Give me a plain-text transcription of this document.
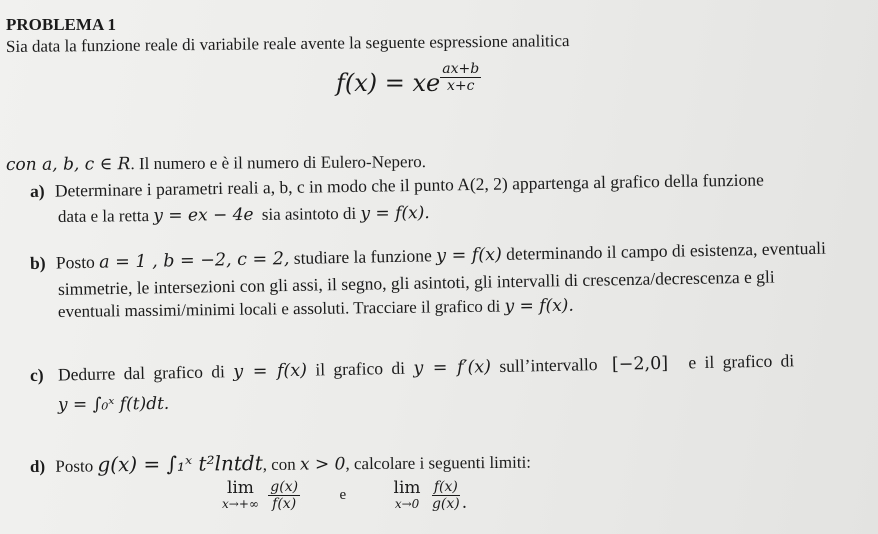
PROBLEMA 1
Sia data la funzione reale di variabile reale avente la seguente espressione analitica
f(x) = xe $\frac{ax+b}{x+c}$
con a, b, c ∈ R. Il numero e è il numero di Eulero-Nepero.
a) Determinare i parametri reali a, b, c in modo che il punto A(2, 2) appartenga al grafico della funzione
data e la retta y = ex − 4e sia asintoto di y = f(x).
b) Posto a = 1 , b = −2, c = 2, studiare la funzione y = f(x) determinando il campo di esistenza, eventuali
simmetrie, le intersezioni con gli assi, il segno, gli asintoti, gli intervalli di crescenza/decrescenza e gli
eventuali massimi/minimi locali e assoluti. Tracciare il grafico di y = f(x).
c) Dedurre dal grafico di y = f(x) il grafico di y = f′(x) sull’intervallo [−2,0] e il grafico di
y = ∫₀ˣ f(t)dt.
d) Posto g(x) = ∫₁ˣ t²lntdt, con x > 0, calcolare i seguenti limiti:
lim
x→+∞
$\frac{g(x)}{f(x)}$	e	lim
x→0
$\frac{f(x)}{g(x)}$ .
